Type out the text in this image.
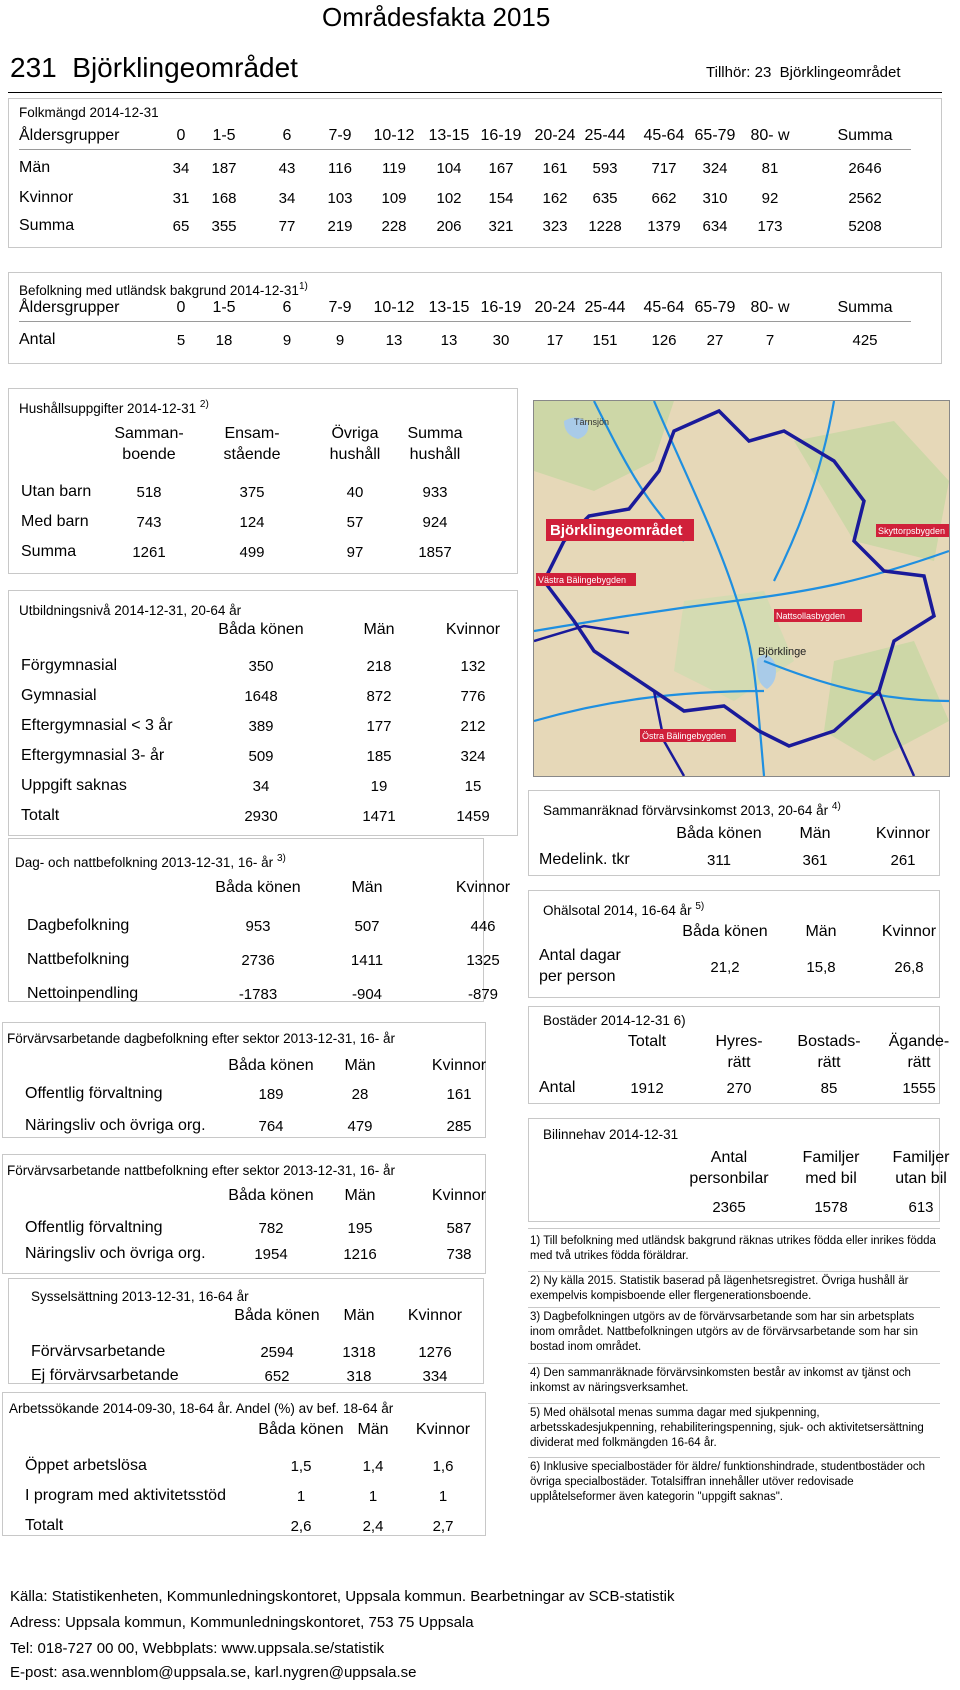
Områdesfakta 2015
231  Björklingeområdet	Tillhör: 23  Björklingeområdet
Folkmängd 2014-12-31
Åldersgrupper	0	1-5	6	7-9	10-12 13-15 16-19 20-24 25-44	45-64 65-79 80- w	Summa
Män	34	187	43	116	119	104	167	161	593	717	324	81	2646
Kvinnor	31	168	34	103	109	102	154	162	635	662	310	92	2562
Summa	65	355	77	219	228	206	321	323	1228	1379	634	173	5208
Befolkning med utländsk bakgrund 2014-12-31$^{1)}$
Åldersgrupper	0	1-5	6	7-9	10-12 13-15 16-19 20-24 25-44	45-64 65-79 80- w	Summa
Antal	5	18	9	9	13	13	30	17	151	126	27	7	425
Hushållsuppgifter 2014-12-31 $^{2)}$
Samman-
boende
Ensam-
stående
Övriga
hushåll
Summa
hushåll
Utan barn	518	375	40	933
Med barn	743	124	57	924
Summa	1261	499	97	1857
Utbildningsnivå 2014-12-31, 20-64 år
Båda könen	Män	Kvinnor
Förgymnasial	350	218	132
Gymnasial	1648	872	776
Eftergymnasial < 3 år	389	177	212
Eftergymnasial 3- år	509	185	324
Uppgift saknas	34	19	15
Totalt	2930	1471	1459
Dag- och nattbefolkning 2013-12-31, 16- år $^{3)}$
Båda könen	Män	Kvinnor
Dagbefolkning	953	507	446
Nattbefolkning	2736	1411	1325
Nettoinpendling	-1783	-904	-879
Förvärvsarbetande dagbefolkning efter sektor 2013-12-31, 16- år
Båda könen	Män	Kvinnor
Offentlig förvaltning	189	28	161
Näringsliv och övriga org.	764	479	285
Förvärvsarbetande nattbefolkning efter sektor 2013-12-31, 16- år
Båda könen	Män	Kvinnor
Offentlig förvaltning	782	195	587
Näringsliv och övriga org.	1954	1216	738
Sysselsättning 2013-12-31, 16-64 år
Båda könen	Män	Kvinnor
Förvärvsarbetande	2594	1318	1276
Ej förvärvsarbetande	652	318	334
Arbetssökande 2014-09-30, 18-64 år. Andel (%) av bef. 18-64 år
Båda könen Män	Kvinnor
Öppet arbetslösa	1,5	1,4	1,6
I program med aktivitetsstöd	1	1	1
Totalt	2,6	2,4	2,7
Tärnsjön
Björklingeområdet	Skyttorpsbygden
Västra Bälingebygden
Nattsollasbygden
Björklinge
Östra Bälingebygden
Sammanräknad förvärvsinkomst 2013, 20-64 år $^{4)}$
Båda könen	Män	Kvinnor
Medelink. tkr	311	361	261
Ohälsotal 2014, 16-64 år $^{5)}$
Båda könen	Män	Kvinnor
Antal dagar
per person
21,2	15,8	26,8
Bostäder 2014-12-31 6)
Totalt	Hyres-
rätt
Bostads-
rätt
Ägande-
rätt
Antal	1912	270	85	1555
Bilinnehav 2014-12-31
Antal
personbilar
Familjer
med bil
Familjer
utan bil
2365	1578	613
1) Till befolkning med utländsk bakgrund räknas utrikes födda eller inrikes födda med två utrikes födda föräldrar.
2) Ny källa 2015. Statistik baserad på lägenhetsregistret. Övriga hushåll är exempelvis kompisboende eller flergenerationsboende.
3) Dagbefolkningen utgörs av de förvärvsarbetande som har sin arbetsplats inom området. Nattbefolkningen utgörs av de förvärvsarbetande som har sin bostad inom området.
4) Den sammanräknade förvärvsinkomsten består av inkomst av tjänst och inkomst av näringsverksamhet.
5) Med ohälsotal menas summa dagar med sjukpenning, arbetsskadesjukpenning, rehabiliteringspenning, sjuk- och aktivitetsersättning dividerat med folkmängden 16-64 år.
6) Inklusive specialbostäder för äldre/ funktionshindrade, studentbostäder och övriga specialbostäder. Totalsiffran innehåller utöver redovisade upplåtelseformer även kategorin "uppgift saknas".
Källa: Statistikenheten, Kommunledningskontoret, Uppsala kommun. Bearbetningar av SCB-statistik
Adress: Uppsala kommun, Kommunledningskontoret, 753 75 Uppsala
Tel: 018-727 00 00, Webbplats: www.uppsala.se/statistik
E-post: asa.wennblom@uppsala.se, karl.nygren@uppsala.se
